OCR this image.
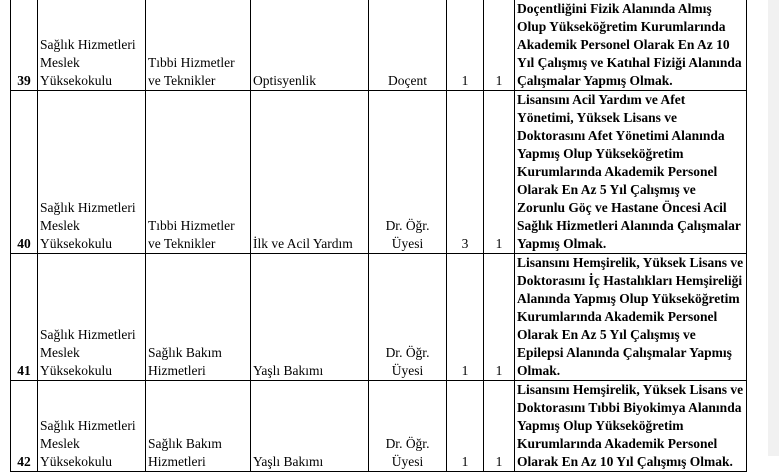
39	Sağlık Hizmetleri Meslek Yüksekokulu	Tıbbi Hizmetler ve Teknikler	Optisyenlik	Doçent	1	1	Doçentliğini Fizik Alanında Almış Olup Yükseköğretim Kurumlarında Akademik Personel Olarak En Az 10 Yıl Çalışmış ve Katıhal Fiziği Alanında Çalışmalar Yapmış Olmak.
40	Sağlık Hizmetleri Meslek Yüksekokulu	Tıbbi Hizmetler ve Teknikler	İlk ve Acil Yardım	Dr. Öğr. Üyesi	3	1	Lisansını Acil Yardım ve Afet Yönetimi, Yüksek Lisans ve Doktorasını Afet Yönetimi Alanında Yapmış Olup Yükseköğretim Kurumlarında Akademik Personel Olarak En Az 5 Yıl Çalışmış ve Zorunlu Göç ve Hastane Öncesi Acil Sağlık Hizmetleri Alanında Çalışmalar Yapmış Olmak.
41	Sağlık Hizmetleri Meslek Yüksekokulu	Sağlık Bakım Hizmetleri	Yaşlı Bakımı	Dr. Öğr. Üyesi	1	1	Lisansını Hemşirelik, Yüksek Lisans ve Doktorasını İç Hastalıkları Hemşireliği Alanında Yapmış Olup Yükseköğretim Kurumlarında Akademik Personel Olarak En Az 5 Yıl Çalışmış ve Epilepsi Alanında Çalışmalar Yapmış Olmak.
42	Sağlık Hizmetleri Meslek Yüksekokulu	Sağlık Bakım Hizmetleri	Yaşlı Bakımı	Dr. Öğr. Üyesi	1	1	Lisansını Hemşirelik, Yüksek Lisans ve Doktorasını Tıbbi Biyokimya Alanında Yapmış Olup Yükseköğretim Kurumlarında Akademik Personel Olarak En Az 10 Yıl Çalışmış Olmak.
